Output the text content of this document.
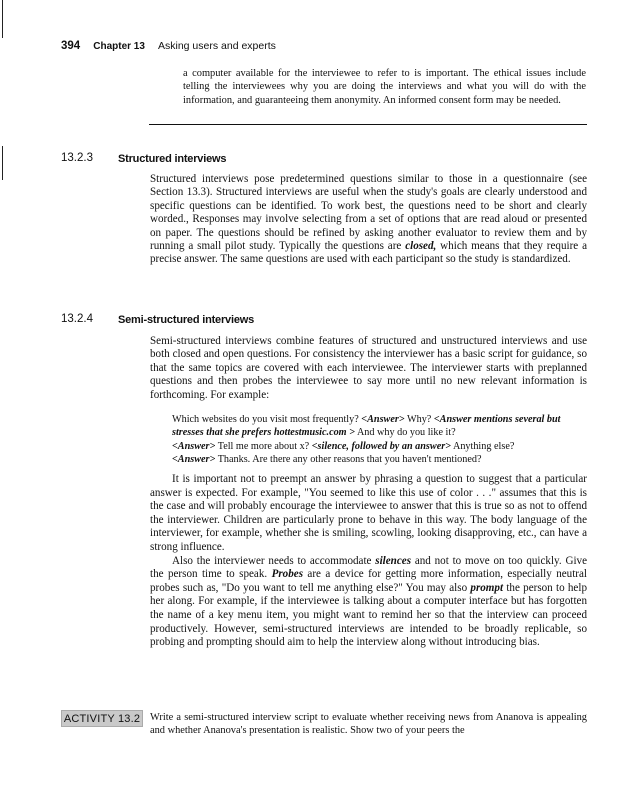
394 Chapter 13 Asking users and experts

a computer available for the interviewee to refer to is important. The ethical issues include telling the interviewees why you are doing the interviews and what you will do with the information, and guaranteeing them anonymity. An informed consent form may be needed.

13.2.3 Structured interviews

Structured interviews pose predetermined questions similar to those in a questionnaire (see Section 13.3). Structured interviews are useful when the study's goals are clearly understood and specific questions can be identified. To work best, the questions need to be short and clearly worded., Responses may involve selecting from a set of options that are read aloud or presented on paper. The questions should be refined by asking another evaluator to review them and by running a small pilot study. Typically the questions are closed, which means that they require a precise answer. The same questions are used with each participant so the study is standardized.

13.2.4 Semi-structured interviews

Semi-structured interviews combine features of structured and unstructured interviews and use both closed and open questions. For consistency the interviewer has a basic script for guidance, so that the same topics are covered with each interviewee. The interviewer starts with preplanned questions and then probes the interviewee to say more until no new relevant information is forthcoming. For example:

Which websites do you visit most frequently? <Answer> Why? <Answer mentions several but stresses that she prefers hottestmusic.com > And why do you like it?
<Answer> Tell me more about x? <silence, followed by an answer> Anything else?
<Answer> Thanks. Are there any other reasons that you haven't mentioned?

It is important not to preempt an answer by phrasing a question to suggest that a particular answer is expected. For example, "You seemed to like this use of color . . ." assumes that this is the case and will probably encourage the interviewee to answer that this is true so as not to offend the interviewer. Children are particularly prone to behave in this way. The body language of the interviewer, for example, whether she is smiling, scowling, looking disapproving, etc., can have a strong influence.

Also the interviewer needs to accommodate silences and not to move on too quickly. Give the person time to speak. Probes are a device for getting more information, especially neutral probes such as, "Do you want to tell me anything else?" You may also prompt the person to help her along. For example, if the interviewee is talking about a computer interface but has forgotten the name of a key menu item, you might want to remind her so that the interview can proceed productively. However, semi-structured interviews are intended to be broadly replicable, so probing and prompting should aim to help the interview along without introducing bias.

ACTIVITY 13.2 Write a semi-structured interview script to evaluate whether receiving news from Ananova is appealing and whether Ananova's presentation is realistic. Show two of your peers the
